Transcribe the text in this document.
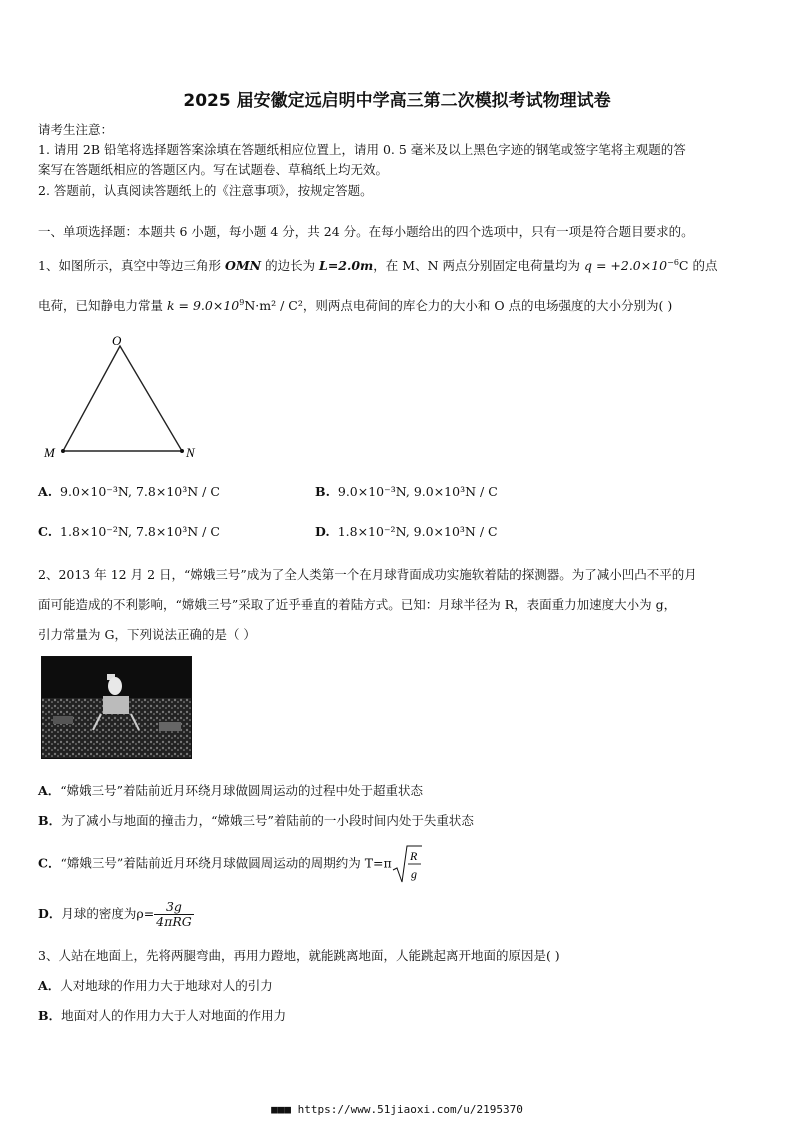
2025 届安徽定远启明中学高三第二次模拟考试物理试卷
请考生注意：
1. 请用 2B 铅笔将选择题答案涂填在答题纸相应位置上，请用 0. 5 毫米及以上黑色字迹的钢笔或签字笔将主观题的答
案写在答题纸相应的答题区内。写在试题卷、草稿纸上均无效。
2. 答题前，认真阅读答题纸上的《注意事项》，按规定答题。
一、单项选择题：本题共 6 小题，每小题 4 分，共 24 分。在每小题给出的四个选项中，只有一项是符合题目要求的。
1、如图所示，真空中等边三角形 OMN 的边长为 L=2.0m，在 M、N 两点分别固定电荷量均为 $q = +2.0\times 10^{-6}C$ 的点
电荷，已知静电力常量 $k = 9.0\times 10^9N\cdot m^2 / C^2$，则两点电荷间的库仑力的大小和 O 点的电场强度的大小分别为( )
O
M	N
A. 9.0×10⁻³N, 7.8×10³N / C	B. 9.0×10⁻³N, 9.0×10³N / C
C. 1.8×10⁻²N, 7.8×10³N / C	D. 1.8×10⁻²N, 9.0×10³N / C
2、2013 年 12 月 2 日，“嫦娥三号”成为了全人类第一个在月球背面成功实施软着陆的探测器。为了减小凹凸不平的月
面可能造成的不利影响，“嫦娥三号”采取了近乎垂直的着陆方式。已知：月球半径为 R，表面重力加速度大小为 g，
引力常量为 G，下列说法正确的是（ ）
A．“嫦娥三号”着陆前近月环绕月球做圆周运动的过程中处于超重状态
B．为了减小与地面的撞击力，“嫦娥三号”着陆前的一小段时间内处于失重状态
C．“嫦娥三号”着陆前近月环绕月球做圆周运动的周期约为 T=π R
g
D．月球的密度为$\rho= \frac{3g}{\text{4πRG}}$
3、人站在地面上，先将两腿弯曲，再用力蹬地，就能跳离地面，人能跳起离开地面的原因是( )
A．人对地球的作用力大于地球对人的引力
B．地面对人的作用力大于人对地面的作用力
■■■ https://www.51jiaoxi.com/u/2195370
